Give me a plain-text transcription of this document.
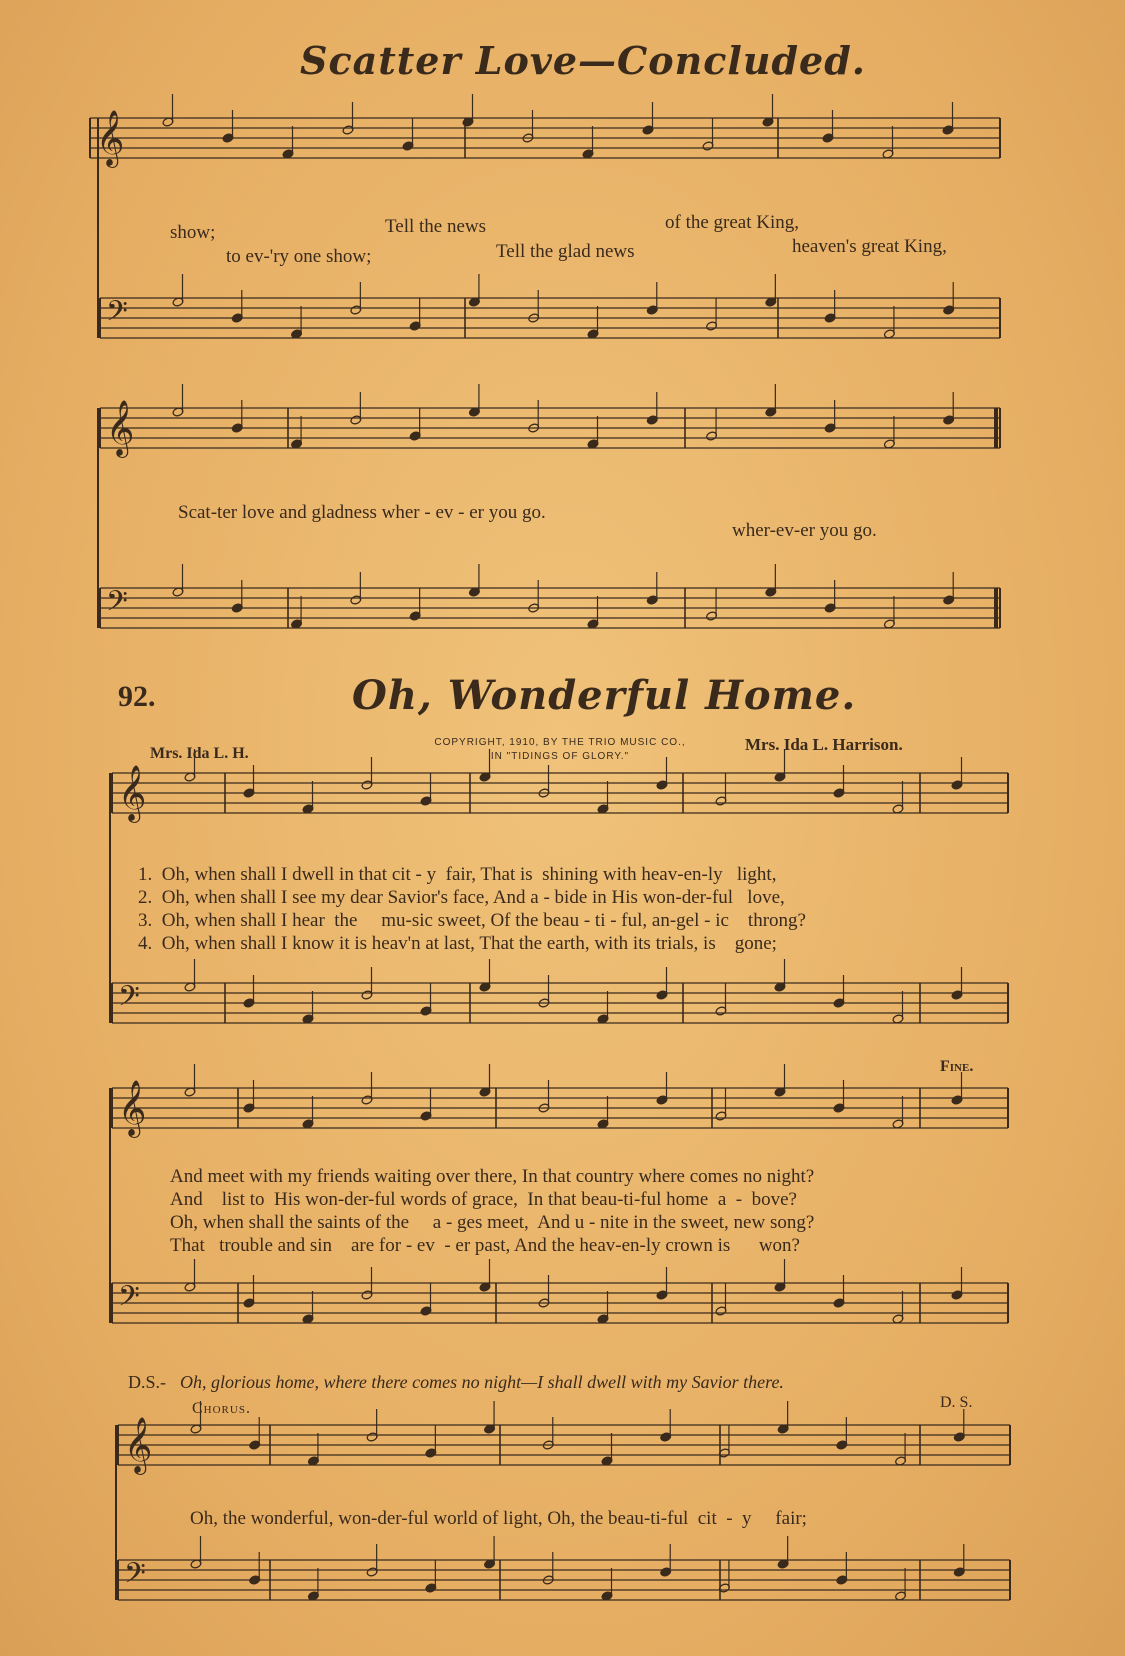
Scatter Love—Concluded.
𝄞
𝄢
𝄞
𝄢
𝄞
𝄢
𝄞
𝄢
𝄞
𝄢
show;	Tell the news	of the great King,
to ev-'ry one show;	Tell the glad news	heaven's great King,
Scat-ter love and gladness wher - ev - er you go.
wher-ev-er you go.
92.	Oh, Wonderful Home.
Mrs. Ida L. H.
COPYRIGHT, 1910, BY THE TRIO MUSIC CO.,
IN "TIDINGS OF GLORY."
Mrs. Ida L. Harrison.
1.  Oh, when shall I dwell in that cit - y  fair, That is  shining with heav-en-ly   light,
2.  Oh, when shall I see my dear Savior's face, And a - bide in His won-der-ful   love,
3.  Oh, when shall I hear  the     mu-sic sweet, Of the beau - ti - ful, an-gel - ic    throng?
4.  Oh, when shall I know it is heav'n at last, That the earth, with its trials, is    gone;
Fine.
And meet with my friends waiting over there, In that country where comes no night?
And    list to  His won-der-ful words of grace,  In that beau-ti-ful home  a  -  bove?
Oh, when shall the saints of the     a - ges meet,  And u - nite in the sweet, new song?
That   trouble and sin    are for - ev  - er past, And the heav-en-ly crown is      won?
D.S.- Oh, glorious home, where there comes no night—I shall dwell with my Savior there.
Chorus.	D. S.
Oh, the wonderful, won-der-ful world of light, Oh, the beau-ti-ful  cit  -  y     fair;
